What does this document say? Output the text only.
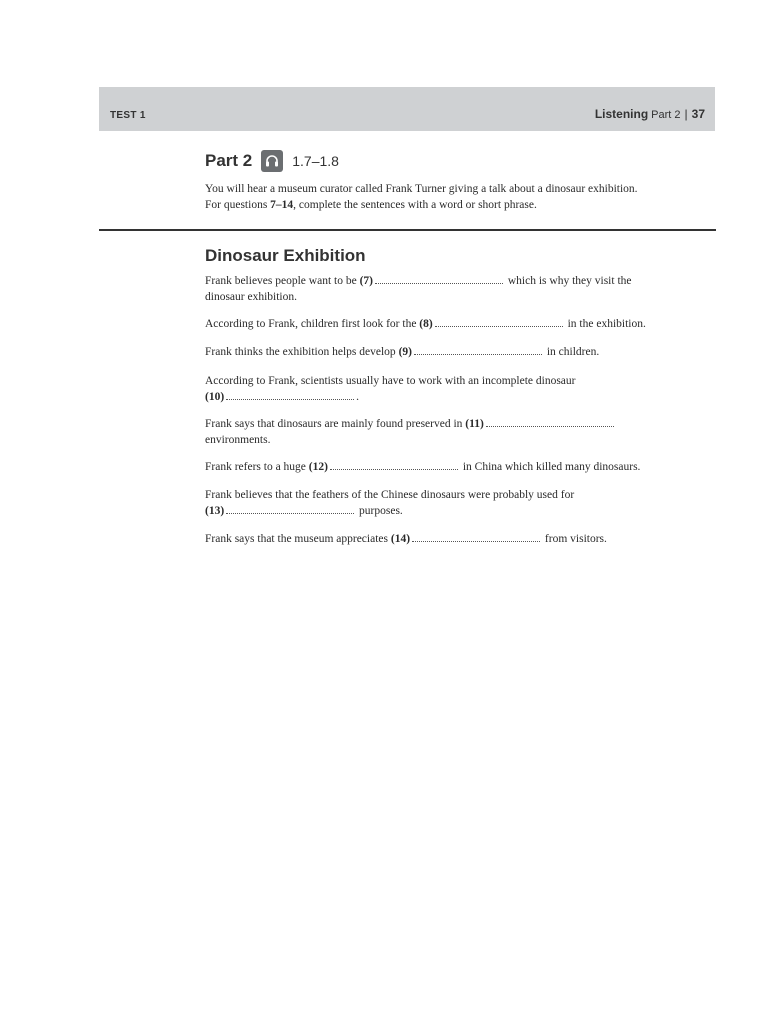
TEST 1	Listening Part 2 | 37
Part 2	1.7–1.8
You will hear a museum curator called Frank Turner giving a talk about a dinosaur exhibition.
For questions 7–14, complete the sentences with a word or short phrase.
Dinosaur Exhibition
Frank believes people want to be (7)	which is why they visit the
dinosaur exhibition.
According to Frank, children first look for the (8)	in the exhibition.
Frank thinks the exhibition helps develop (9)	in children.
According to Frank, scientists usually have to work with an incomplete dinosaur
(10)	.
Frank says that dinosaurs are mainly found preserved in (11)
environments.
Frank refers to a huge (12)	in China which killed many dinosaurs.
Frank believes that the feathers of the Chinese dinosaurs were probably used for
(13)	purposes.
Frank says that the museum appreciates (14)	from visitors.
